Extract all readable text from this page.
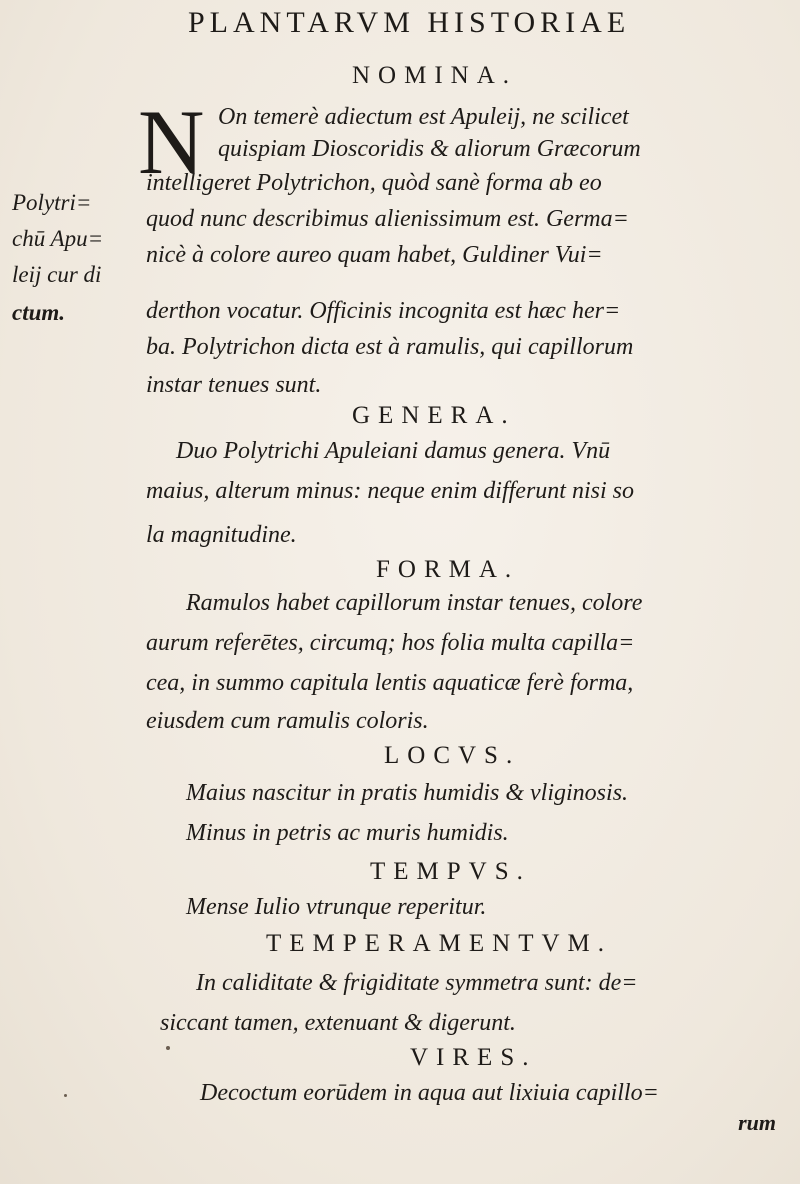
PLANTARVM HISTORIAE
NOMINA.
N On temerè adiectum est Apuleij, ne scilicet
quispiam Dioscoridis & aliorum Græcorum
intelligeret Polytrichon, quòd sanè forma ab eo
quod nunc describimus alienissimum est. Germa=
nicè à colore aureo quam habet, Guldiner Vui=
derthon vocatur. Officinis incognita est hæc her=
ba. Polytrichon dicta est à ramulis, qui capillorum
instar tenues sunt.
Polytri=
chū Apu=
leij cur di
ctum.
GENERA.
Duo Polytrichi Apuleiani damus genera. Vnū
maius, alterum minus: neque enim differunt nisi so
la magnitudine.
FORMA.
Ramulos habet capillorum instar tenues, colore
aurum referētes, circumq; hos folia multa capilla=
cea, in summo capitula lentis aquaticæ ferè forma,
eiusdem cum ramulis coloris.
LOCVS.
Maius nascitur in pratis humidis & vliginosis.
Minus in petris ac muris humidis.
TEMPVS.
Mense Iulio vtrunque reperitur.
TEMPERAMENTVM.
In caliditate & frigiditate symmetra sunt: de=
siccant tamen, extenuant & digerunt.
VIRES.
Decoctum eorūdem in aqua aut lixiuia capillo=
rum
